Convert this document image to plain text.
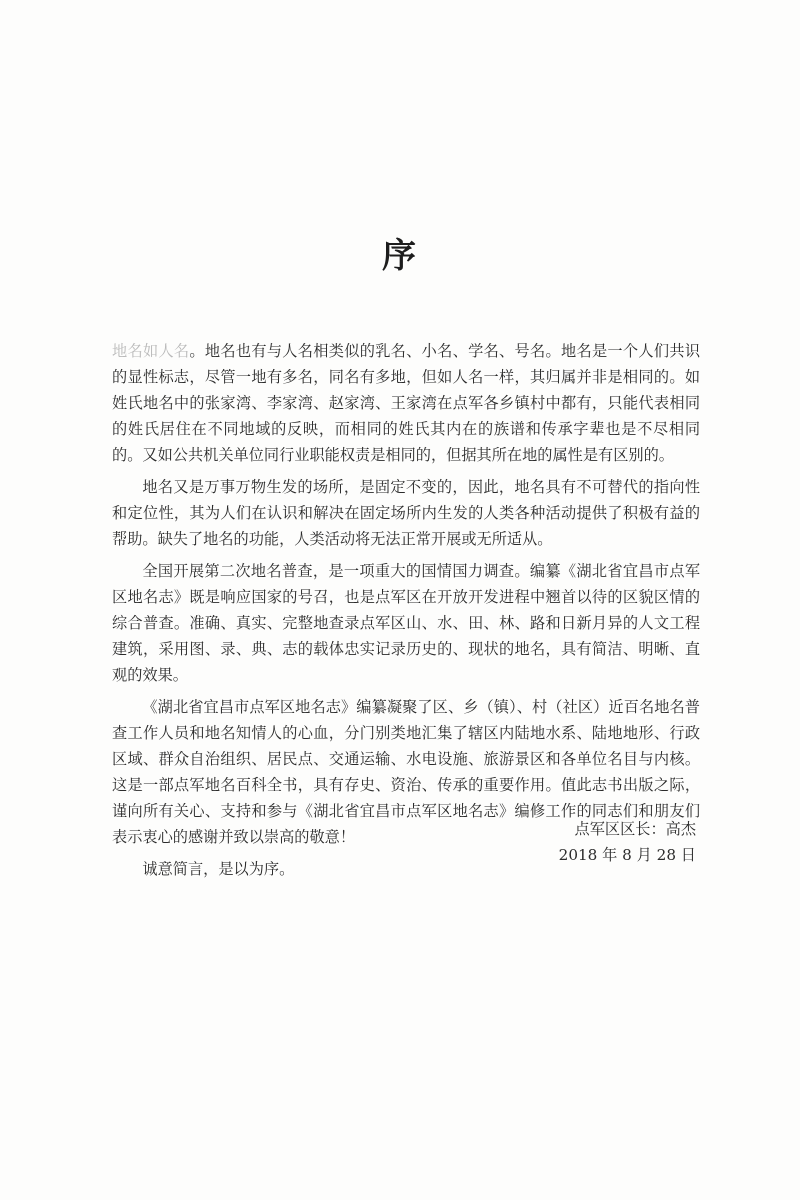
序

地名如人名。地名也有与人名相类似的乳名、小名、学名、号名。地名是一个人们共识的显性标志，尽管一地有多名，同名有多地，但如人名一样，其归属并非是相同的。如姓氏地名中的张家湾、李家湾、赵家湾、王家湾在点军各乡镇村中都有，只能代表相同的姓氏居住在不同地域的反映，而相同的姓氏其内在的族谱和传承字辈也是不尽相同的。又如公共机关单位同行业职能权责是相同的，但据其所在地的属性是有区别的。

地名又是万事万物生发的场所，是固定不变的，因此，地名具有不可替代的指向性和定位性，其为人们在认识和解决在固定场所内生发的人类各种活动提供了积极有益的帮助。缺失了地名的功能，人类活动将无法正常开展或无所适从。

全国开展第二次地名普查，是一项重大的国情国力调查。编纂《湖北省宜昌市点军区地名志》既是响应国家的号召，也是点军区在开放开发进程中翘首以待的区貌区情的综合普查。准确、真实、完整地查录点军区山、水、田、林、路和日新月异的人文工程建筑，采用图、录、典、志的载体忠实记录历史的、现状的地名，具有简洁、明晰、直观的效果。

《湖北省宜昌市点军区地名志》编纂凝聚了区、乡（镇）、村（社区）近百名地名普查工作人员和地名知情人的心血，分门别类地汇集了辖区内陆地水系、陆地地形、行政区域、群众自治组织、居民点、交通运输、水电设施、旅游景区和各单位名目与内核。这是一部点军地名百科全书，具有存史、资治、传承的重要作用。值此志书出版之际，谨向所有关心、支持和参与《湖北省宜昌市点军区地名志》编修工作的同志们和朋友们表示衷心的感谢并致以崇高的敬意！

诚意简言，是以为序。

点军区区长：高杰
2018 年 8 月 28 日
